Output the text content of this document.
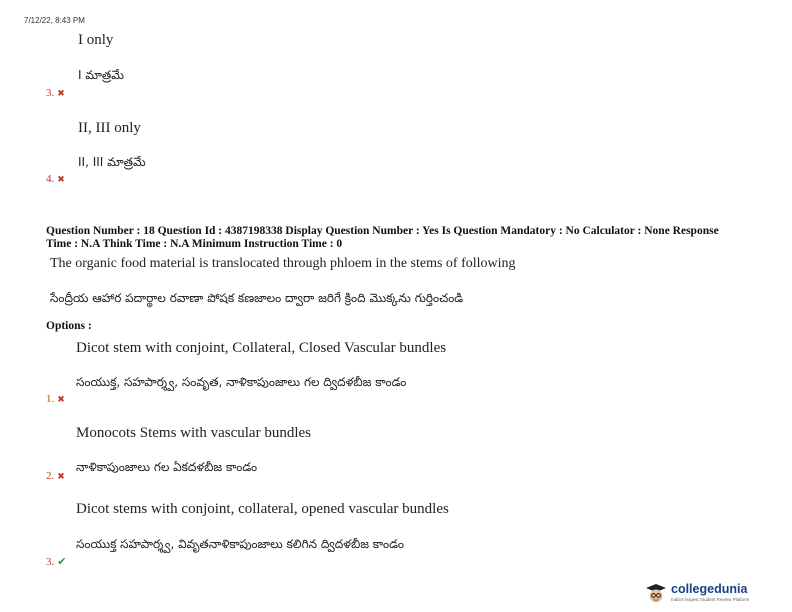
7/12/22, 8:43 PM
I only
I మాత్రమే
3. ✖
II, III only
II, III మాత్రమే
4. ✖
Question Number : 18 Question Id : 4387198338 Display Question Number : Yes Is Question Mandatory : No Calculator : None Response
Time : N.A Think Time : N.A Minimum Instruction Time : 0
The organic food material is translocated through phloem in the stems of following
సేంద్రీయ ఆహార పదార్థాల రవాణా పోషక కణజాలం ద్వారా జరిగే క్రింది మొక్కను గుర్తించండి
Options :
Dicot stem with conjoint, Collateral, Closed Vascular bundles
సంయుక్త, సహపార్శ్వ, సంవృత, నాళికాపుంజాలు గల ద్విదళబీజ కాండం
1. ✖
Monocots Stems with vascular bundles
నాళికాపుంజాలు గల ఏకదళబీజ కాండం
2. ✖
Dicot stems with conjoint, collateral, opened vascular bundles
సంయుక్త సహపార్శ్వ, వివృతనాళికాపుంజాలు కలిగిన ద్విదళబీజ కాండం
3. ✔
collegedunia
India's largest Student Review Platform
